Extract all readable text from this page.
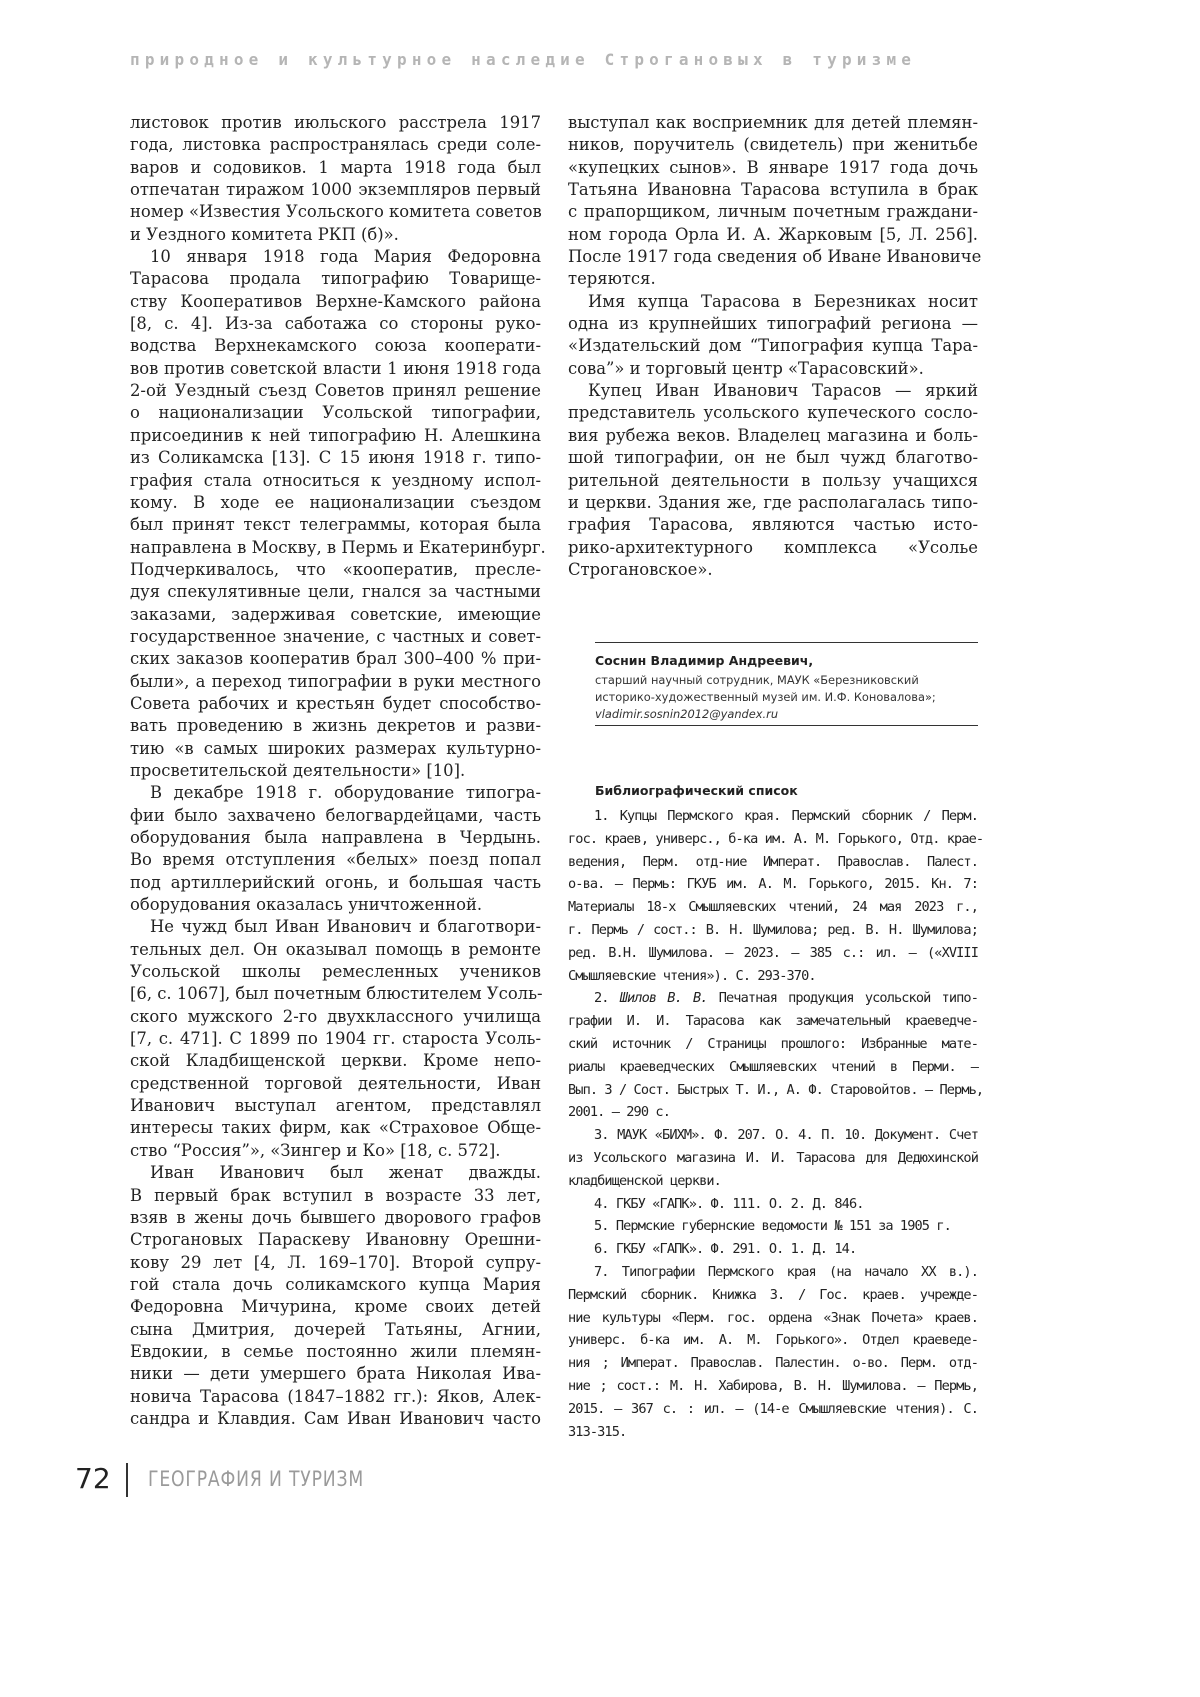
природное и культурное наследие Строгановых в туризме
листовок против июльского расстрела 1917
года, листовка распространялась среди соле-
варов и содовиков. 1 марта 1918 года был
отпечатан тиражом 1000 экземпляров первый
номер «Известия Усольского комитета советов
и Уездного комитета РКП (б)».
10 января 1918 года Мария Федоровна
Тарасова продала типографию Товарище-
ству Кооперативов Верхне-Камского района
[8, с. 4]. Из-за саботажа со стороны руко-
водства Верхнекамского союза кооперати-
вов против советской власти 1 июня 1918 года
2-ой Уездный съезд Советов принял решение
о национализации Усольской типографии,
присоединив к ней типографию Н. Алешкина
из Соликамска [13]. С 15 июня 1918 г. типо-
графия стала относиться к уездному испол-
кому. В ходе ее национализации съездом
был принят текст телеграммы, которая была
направлена в Москву, в Пермь и Екатеринбург.
Подчеркивалось, что «кооператив, пресле-
дуя спекулятивные цели, гнался за частными
заказами, задерживая советские, имеющие
государственное значение, с частных и совет-
ских заказов кооператив брал 300–400 % при-
были», а переход типографии в руки местного
Совета рабочих и крестьян будет способство-
вать проведению в жизнь декретов и разви-
тию «в самых широких размерах культурно-
просветительской деятельности» [10].
В декабре 1918 г. оборудование типогра-
фии было захвачено белогвардейцами, часть
оборудования была направлена в Чердынь.
Во время отступления «белых» поезд попал
под артиллерийский огонь, и большая часть
оборудования оказалась уничтоженной.
Не чужд был Иван Иванович и благотвори-
тельных дел. Он оказывал помощь в ремонте
Усольской школы ремесленных учеников
[6, с. 1067], был почетным блюстителем Усоль-
ского мужского 2-го двухклассного училища
[7, с. 471]. С 1899 по 1904 гг. староста Усоль-
ской Кладбищенской церкви. Кроме непо-
средственной торговой деятельности, Иван
Иванович выступал агентом, представлял
интересы таких фирм, как «Страховое Обще-
ство “Россия”», «Зингер и Ко» [18, с. 572].
Иван Иванович был женат дважды.
В первый брак вступил в возрасте 33 лет,
взяв в жены дочь бывшего дворового графов
Строгановых Параскеву Ивановну Орешни-
кову 29 лет [4, Л. 169–170]. Второй супру-
гой стала дочь соликамского купца Мария
Федоровна Мичурина, кроме своих детей
сына Дмитрия, дочерей Татьяны, Агнии,
Евдокии, в семье постоянно жили племян-
ники — дети умершего брата Николая Ива-
новича Тарасова (1847–1882 гг.): Яков, Алек-
сандра и Клавдия. Сам Иван Иванович часто
выступал как восприемник для детей племян-
ников, поручитель (свидетель) при женитьбе
«купецких сынов». В январе 1917 года дочь
Татьяна Ивановна Тарасова вступила в брак
с прапорщиком, личным почетным граждани-
ном города Орла И. А. Жарковым [5, Л. 256].
После 1917 года сведения об Иване Ивановиче
теряются.
Имя купца Тарасова в Березниках носит
одна из крупнейших типографий региона —
«Издательский дом “Типография купца Тара-
сова”» и торговый центр «Тарасовский».
Купец Иван Иванович Тарасов — яркий
представитель усольского купеческого сосло-
вия рубежа веков. Владелец магазина и боль-
шой типографии, он не был чужд благотво-
рительной деятельности в пользу учащихся
и церкви. Здания же, где располагалась типо-
графия Тарасова, являются частью исто-
рико-архитектурного комплекса «Усолье
Строгановское».
Соснин Владимир Андреевич,
старший научный сотрудник, МАУК «Березниковский
историко-художественный музей им. И.Ф. Коновалова»;
vladimir.sosnin2012@yandex.ru
Библиографический список
1. Купцы Пермского края. Пермский сборник / Перм.
гос. краев, универс., б-ка им. А. М. Горького, Отд. крае-
ведения, Перм. отд-ние Императ. Православ. Палест.
о-ва. — Пермь: ГКУБ им. А. М. Горького, 2015. Кн. 7:
Материалы 18-х Смышляевских чтений, 24 мая 2023 г.,
г. Пермь / сост.: В. Н. Шумилова; ред. В. Н. Шумилова;
ред. В.Н. Шумилова. — 2023. — 385 с.: ил. — («XVIII
Смышляевские чтения»). С. 293-370.
2. Шилов В. В. Печатная продукция усольской типо-
графии И. И. Тарасова как замечательный краеведче-
ский источник / Страницы прошлого: Избранные мате-
риалы краеведческих Смышляевских чтений в Перми. —
Вып. 3 / Сост. Быстрых Т. И., А. Ф. Старовойтов. — Пермь,
2001. — 290 с.
3. МАУК «БИХМ». Ф. 207. О. 4. П. 10. Документ. Счет
из Усольского магазина И. И. Тарасова для Дедюхинской
кладбищенской церкви.
4. ГКБУ «ГАПК». Ф. 111. О. 2. Д. 846.
5. Пермские губернские ведомости № 151 за 1905 г.
6. ГКБУ «ГАПК». Ф. 291. О. 1. Д. 14.
7. Типографии Пермского края (на начало XX в.).
Пермский сборник. Книжка 3. / Гос. краев. учрежде-
ние культуры «Перм. гос. ордена «Знак Почета» краев.
универс. б-ка им. А. М. Горького». Отдел краеведе-
ния ; Императ. Православ. Палестин. о-во. Перм. отд-
ние ; сост.: М. Н. Хабирова, В. Н. Шумилова. — Пермь,
2015. — 367 с. : ил. — (14-е Смышляевские чтения). С.
313-315.
72 ГЕОГРАФИЯ И ТУРИЗМ
